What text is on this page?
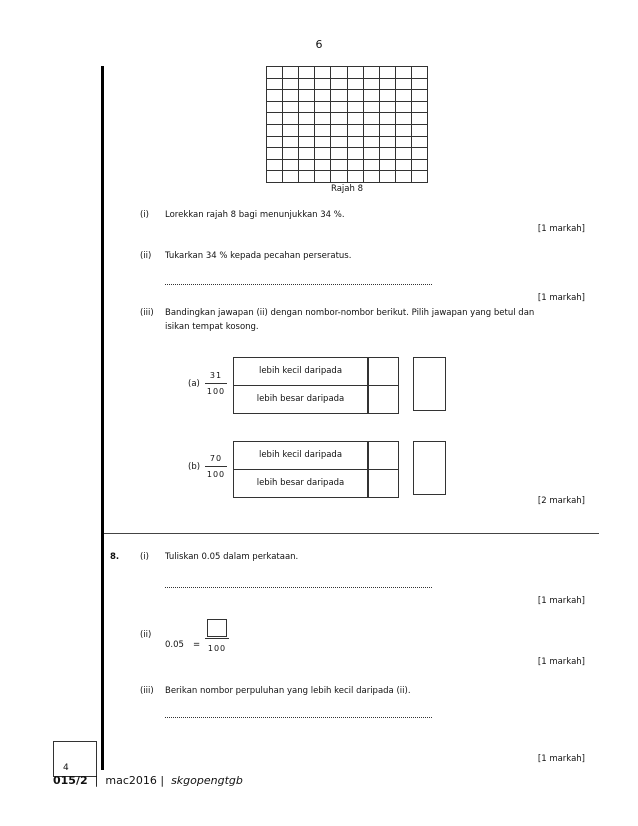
6
Rajah 8
(i) Lorekkan rajah 8 bagi menunjukkan 34 %.
[1 markah]
(ii) Tukarkan 34 % kepada pecahan perseratus.
[1 markah]
(iii) Bandingkan jawapan (ii) dengan nombor-nombor berikut. Pilih jawapan yang betul dan
isikan tempat kosong.
(a)
31
100
lebih kecil daripada
lebih besar daripada
(b)
70
100
lebih kecil daripada
lebih besar daripada
[2 markah]
8. (i) Tuliskan 0.05 dalam perkataan.
[1 markah]
(ii)
0.05 = 100
[1 markah]
(iii) Berikan nombor perpuluhan yang lebih kecil daripada (ii).
[1 markah]
4
015/2 | mac2016 | skgopengtgb
